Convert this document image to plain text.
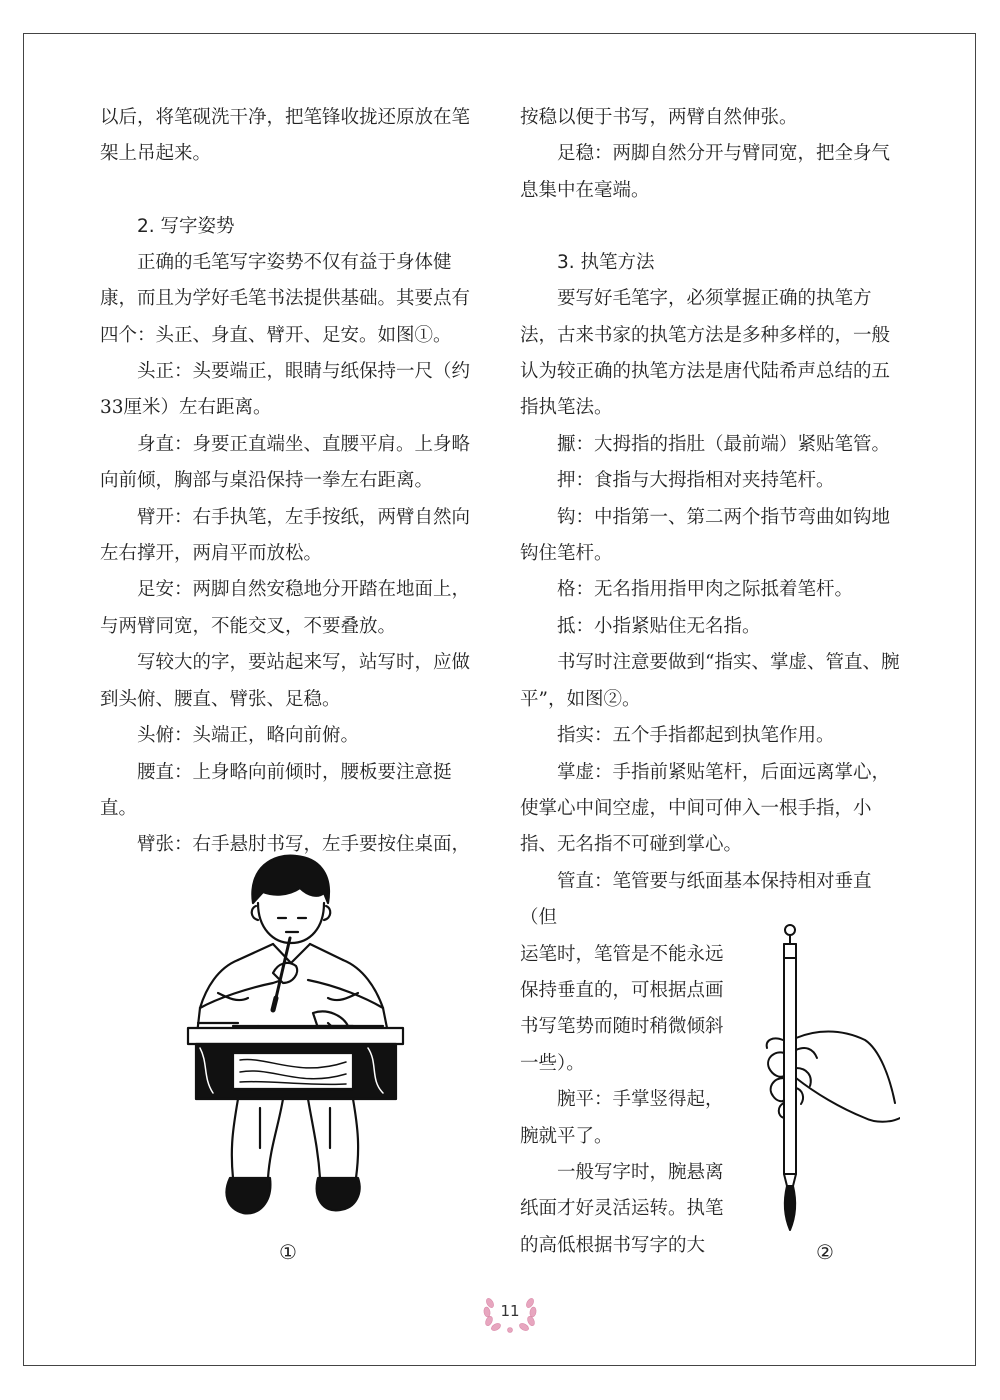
以后，将笔砚洗干净，把笔锋收拢还原放在笔架上吊起来。

2. 写字姿势

正确的毛笔写字姿势不仅有益于身体健康，而且为学好毛笔书法提供基础。其要点有四个：头正、身直、臂开、足安。如图①。

头正：头要端正，眼睛与纸保持一尺（约33厘米）左右距离。

身直：身要正直端坐、直腰平肩。上身略向前倾，胸部与桌沿保持一拳左右距离。

臂开：右手执笔，左手按纸，两臂自然向左右撑开，两肩平而放松。

足安：两脚自然安稳地分开踏在地面上，与两臂同宽，不能交叉，不要叠放。

写较大的字，要站起来写，站写时，应做到头俯、腰直、臂张、足稳。

头俯：头端正，略向前俯。

腰直：上身略向前倾时，腰板要注意挺直。

臂张：右手悬肘书写，左手要按住桌面，

按稳以便于书写，两臂自然伸张。

足稳：两脚自然分开与臂同宽，把全身气息集中在毫端。

3. 执笔方法

要写好毛笔字，必须掌握正确的执笔方法，古来书家的执笔方法是多种多样的，一般认为较正确的执笔方法是唐代陆希声总结的五指执笔法。

擫：大拇指的指肚（最前端）紧贴笔管。

押：食指与大拇指相对夹持笔杆。

钩：中指第一、第二两个指节弯曲如钩地钩住笔杆。

格：无名指用指甲肉之际抵着笔杆。

抵：小指紧贴住无名指。

书写时注意要做到“指实、掌虚、管直、腕平”，如图②。

指实：五个手指都起到执笔作用。

掌虚：手指前紧贴笔杆，后面远离掌心，使掌心中间空虚，中间可伸入一根手指，小指、无名指不可碰到掌心。

管直：笔管要与纸面基本保持相对垂直（但

运笔时，笔管是不能永远保持垂直的，可根据点画书写笔势而随时稍微倾斜一些）。

腕平：手掌竖得起，腕就平了。

一般写字时，腕悬离纸面才好灵活运转。执笔的高低根据书写字的大

①	②
11
